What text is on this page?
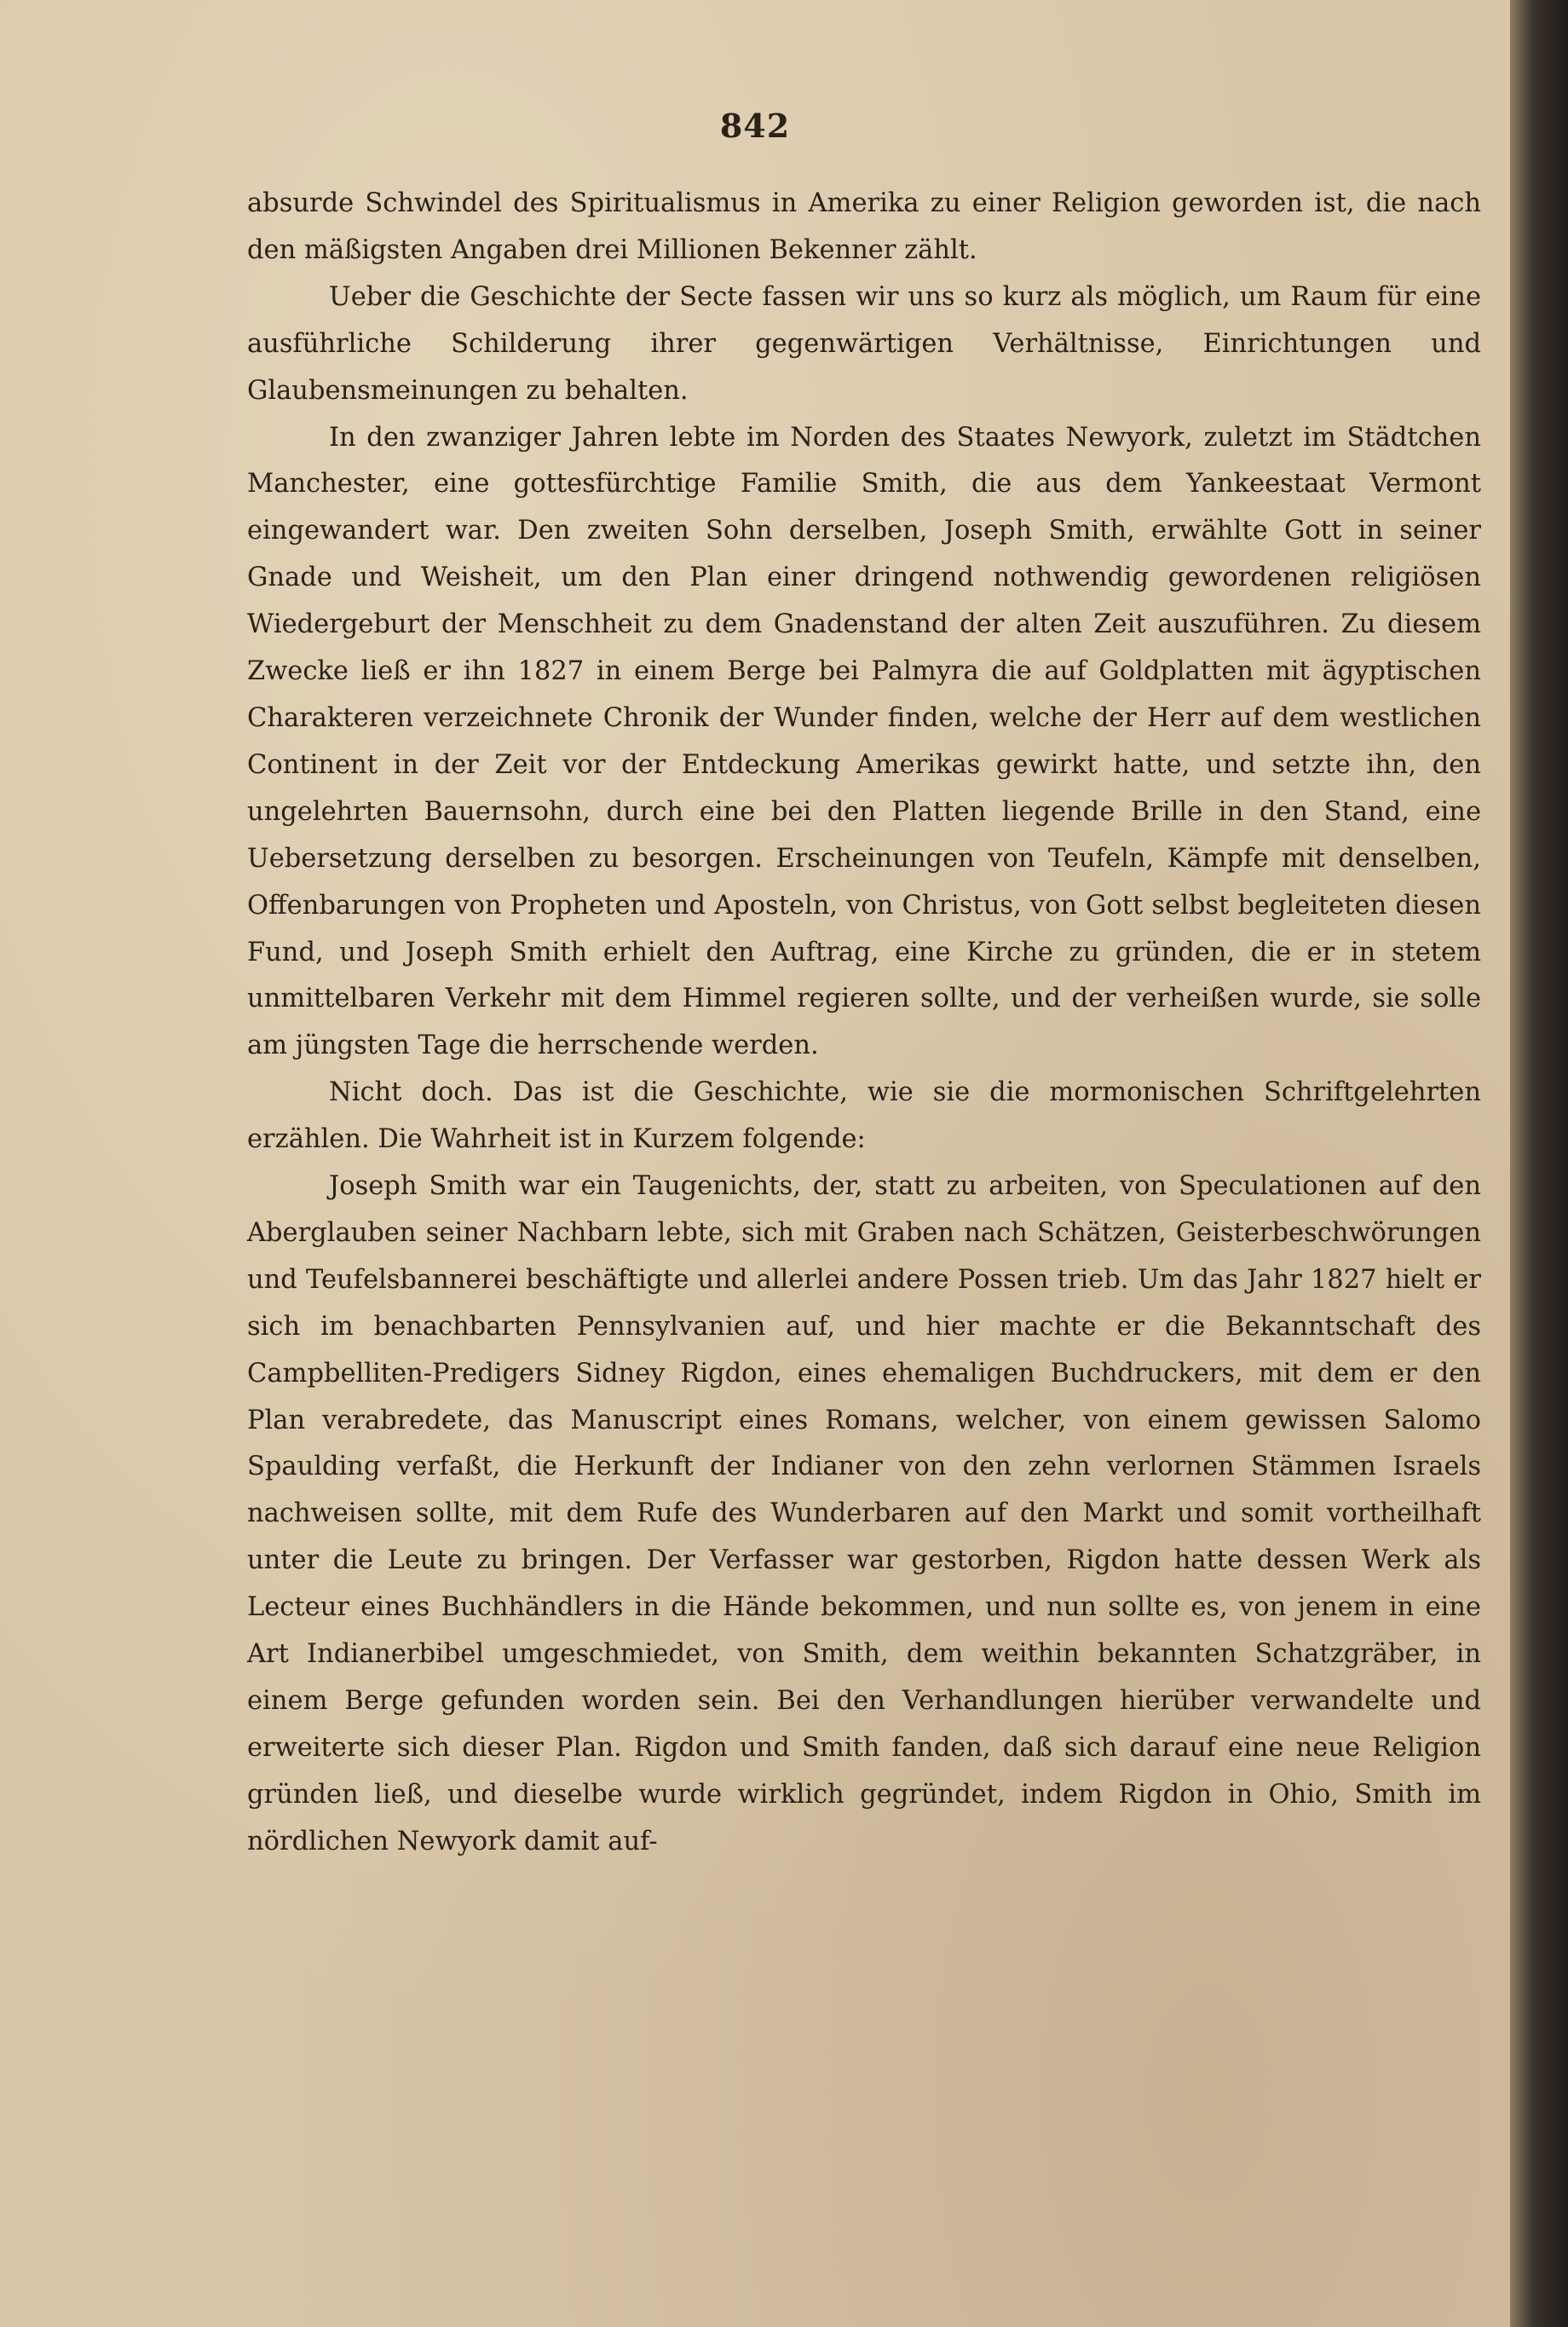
842

absurde Schwindel des Spiritualismus in Amerika zu einer Religion geworden ist, die nach den mäßigsten Angaben drei Millionen Bekenner zählt.

Ueber die Geschichte der Secte fassen wir uns so kurz als möglich, um Raum für eine ausführliche Schilderung ihrer gegenwärtigen Verhältnisse, Einrichtungen und Glaubensmeinungen zu behalten.

In den zwanziger Jahren lebte im Norden des Staates Newyork, zuletzt im Städtchen Manchester, eine gottesfürchtige Familie Smith, die aus dem Yankeestaat Vermont eingewandert war. Den zweiten Sohn derselben, Joseph Smith, erwählte Gott in seiner Gnade und Weisheit, um den Plan einer dringend nothwendig gewordenen religiösen Wiedergeburt der Menschheit zu dem Gnadenstand der alten Zeit auszuführen. Zu diesem Zwecke ließ er ihn 1827 in einem Berge bei Palmyra die auf Goldplatten mit ägyptischen Charakteren verzeichnete Chronik der Wunder finden, welche der Herr auf dem westlichen Continent in der Zeit vor der Entdeckung Amerikas gewirkt hatte, und setzte ihn, den ungelehrten Bauernsohn, durch eine bei den Platten liegende Brille in den Stand, eine Uebersetzung derselben zu besorgen. Erscheinungen von Teufeln, Kämpfe mit denselben, Offenbarungen von Propheten und Aposteln, von Christus, von Gott selbst begleiteten diesen Fund, und Joseph Smith erhielt den Auftrag, eine Kirche zu gründen, die er in stetem unmittelbaren Verkehr mit dem Himmel regieren sollte, und der verheißen wurde, sie solle am jüngsten Tage die herrschende werden.

Nicht doch. Das ist die Geschichte, wie sie die mormonischen Schriftgelehrten erzählen. Die Wahrheit ist in Kurzem folgende:

Joseph Smith war ein Taugenichts, der, statt zu arbeiten, von Speculationen auf den Aberglauben seiner Nachbarn lebte, sich mit Graben nach Schätzen, Geisterbeschwörungen und Teufelsbannerei beschäftigte und allerlei andere Possen trieb. Um das Jahr 1827 hielt er sich im benachbarten Pennsylvanien auf, und hier machte er die Bekanntschaft des Campbelliten-Predigers Sidney Rigdon, eines ehemaligen Buchdruckers, mit dem er den Plan verabredete, das Manuscript eines Romans, welcher, von einem gewissen Salomo Spaulding verfaßt, die Herkunft der Indianer von den zehn verlornen Stämmen Israels nachweisen sollte, mit dem Rufe des Wunderbaren auf den Markt und somit vortheilhaft unter die Leute zu bringen. Der Verfasser war gestorben, Rigdon hatte dessen Werk als Lecteur eines Buchhändlers in die Hände bekommen, und nun sollte es, von jenem in eine Art Indianerbibel umgeschmiedet, von Smith, dem weithin bekannten Schatzgräber, in einem Berge gefunden worden sein. Bei den Verhandlungen hierüber verwandelte und erweiterte sich dieser Plan. Rigdon und Smith fanden, daß sich darauf eine neue Religion gründen ließ, und dieselbe wurde wirklich gegründet, indem Rigdon in Ohio, Smith im nördlichen Newyork damit auf-
